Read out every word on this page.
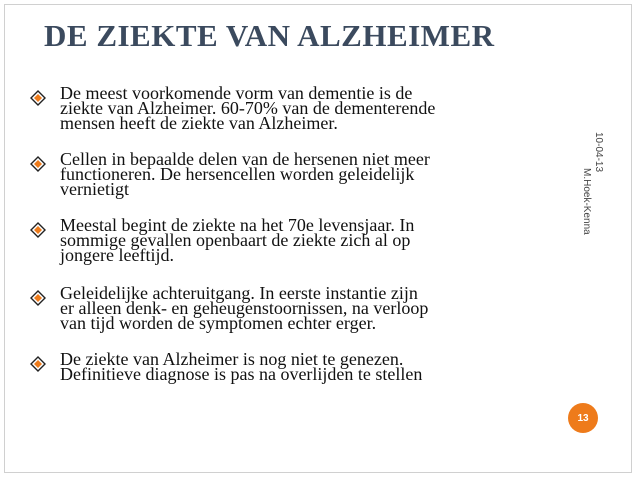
DE ZIEKTE VAN ALZHEIMER
De meest voorkomende vorm van dementie is de
ziekte van Alzheimer. 60-70% van de dementerende
mensen heeft de ziekte van Alzheimer.
Cellen in bepaalde delen van de hersenen niet meer
functioneren. De hersencellen worden geleidelijk
vernietigt
Meestal begint de ziekte na het 70e levensjaar. In
sommige gevallen openbaart de ziekte zich al op
jongere leeftijd.
Geleidelijke achteruitgang. In eerste instantie zijn
er alleen denk- en geheugenstoornissen, na verloop
van tijd worden de symptomen echter erger.
De ziekte van Alzheimer is nog niet te genezen.
Definitieve diagnose is pas na overlijden te stellen
10-04-13
M.Hoek-Kenna
13
